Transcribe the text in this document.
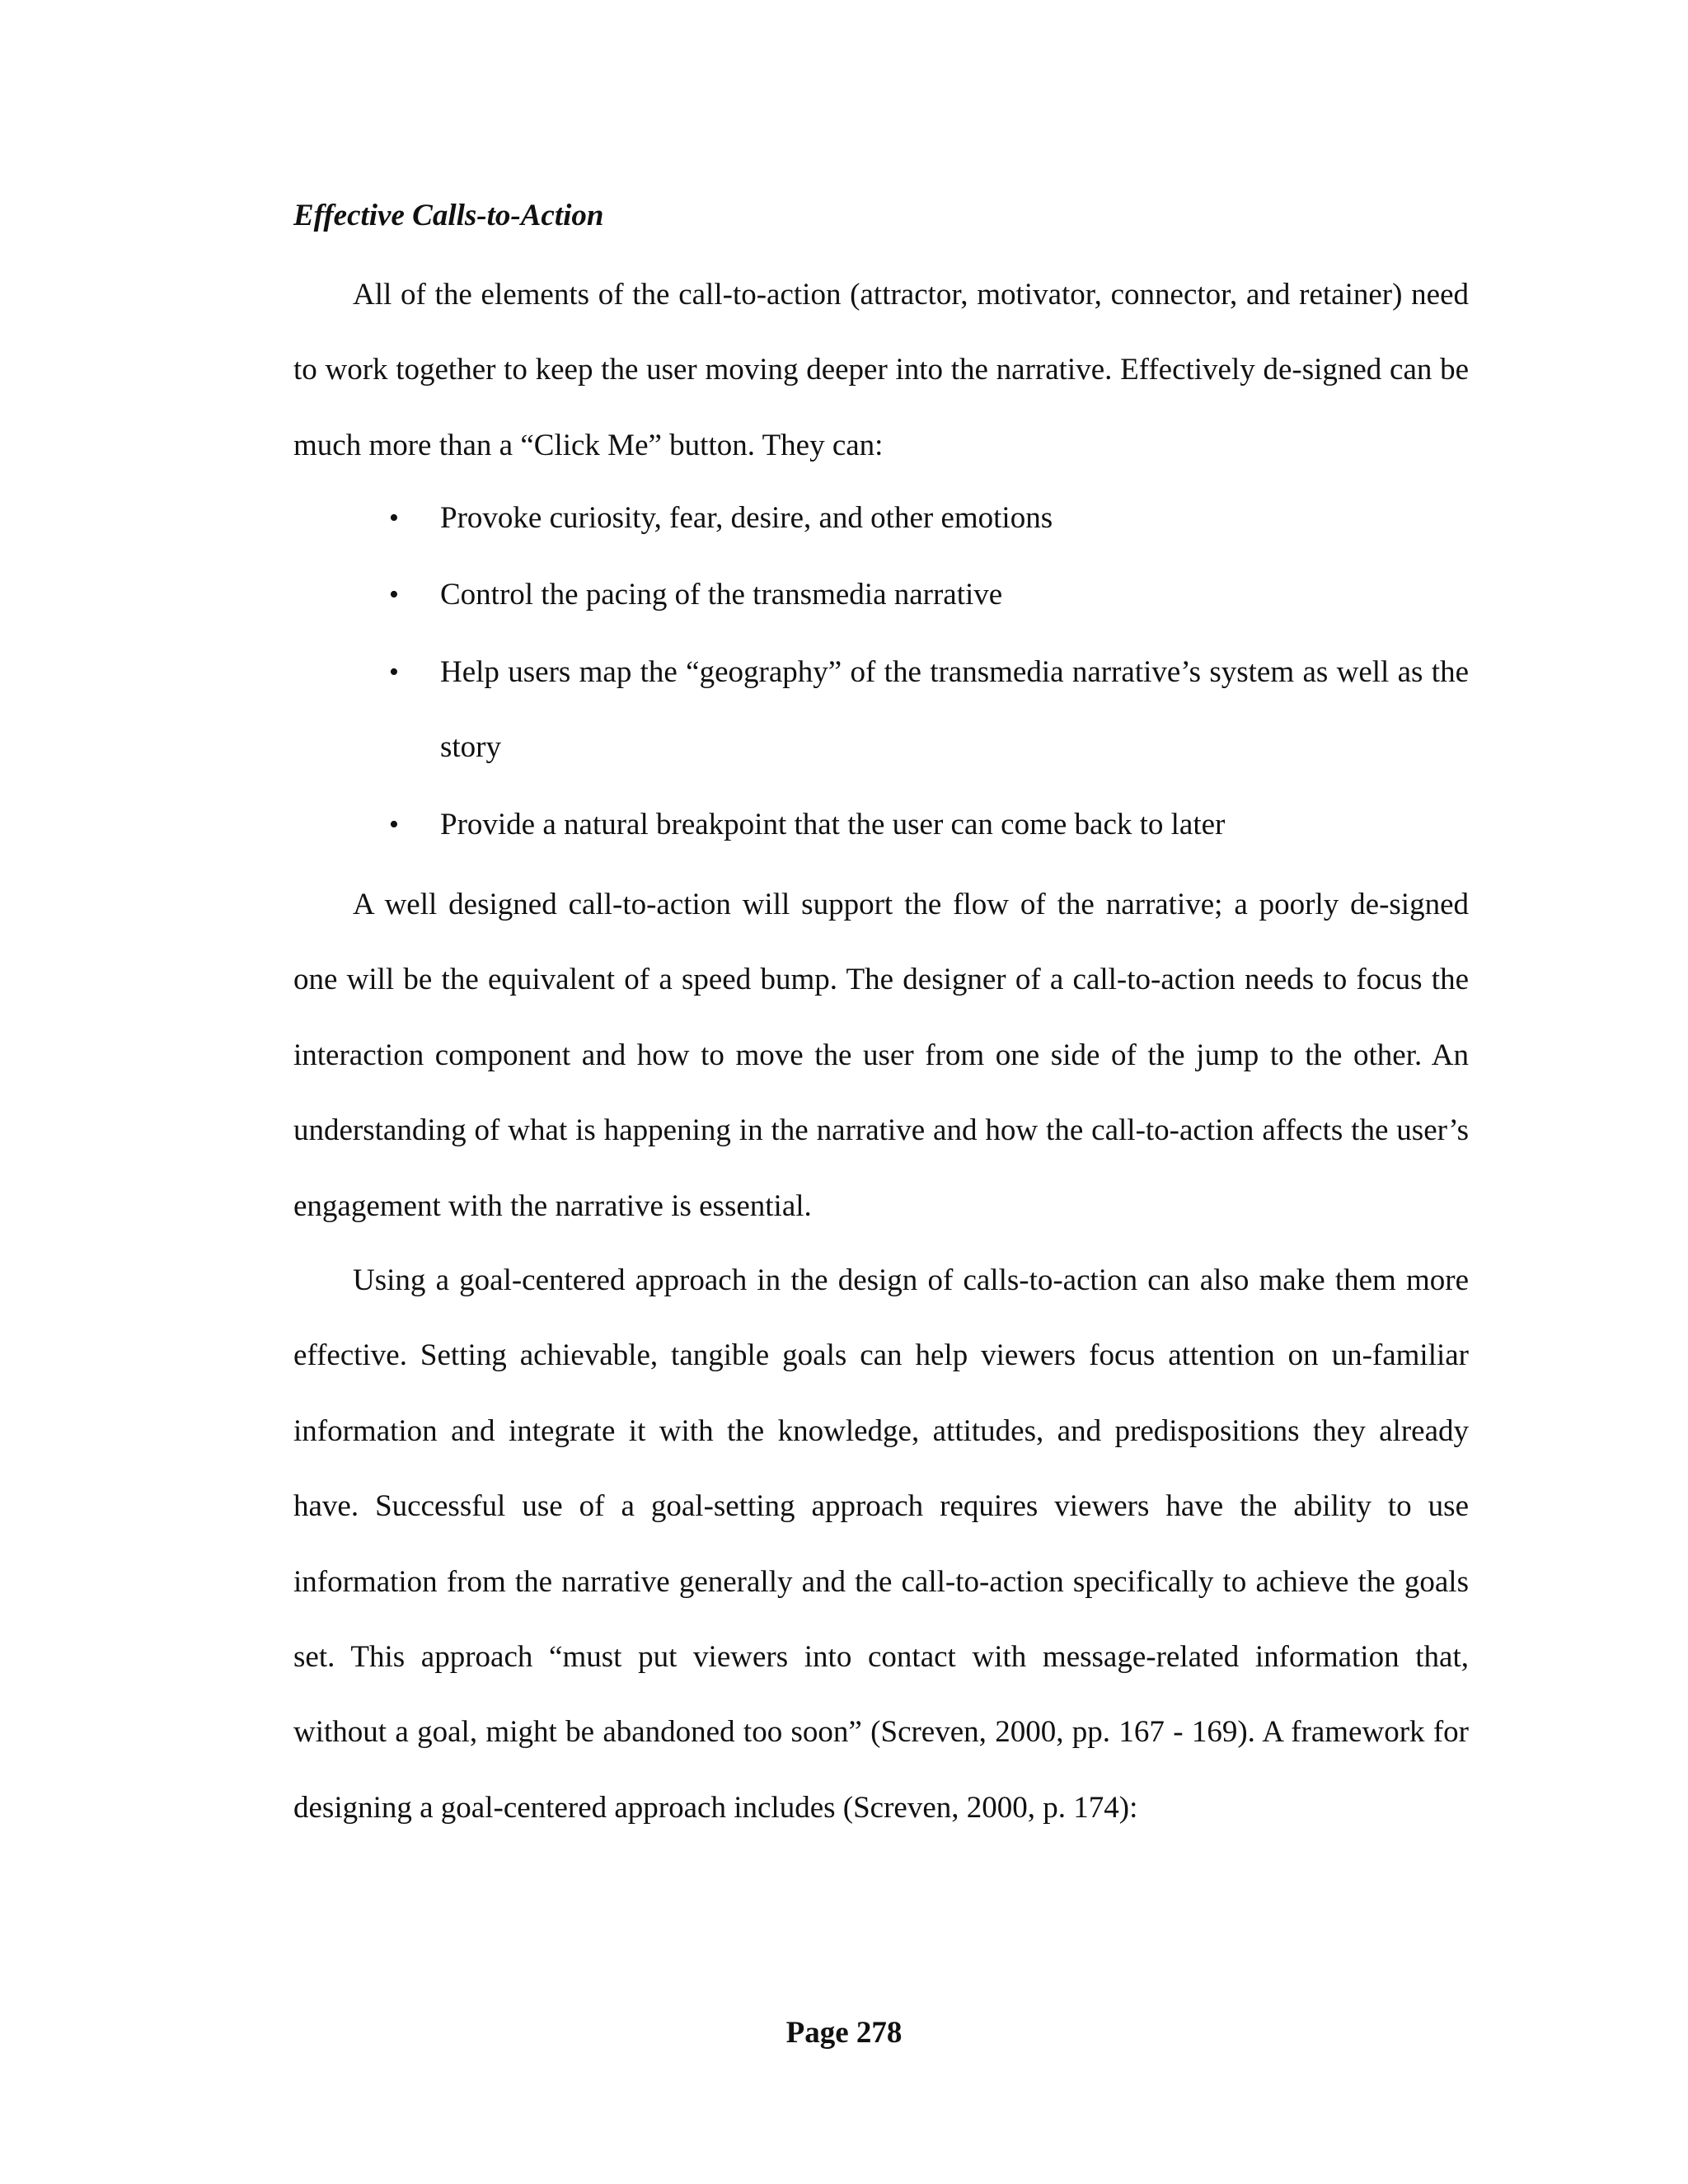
Effective Calls-to-Action

All of the elements of the call-to-action (attractor, motivator, connector, and retainer) need to work together to keep the user moving deeper into the narrative. Effectively de-signed can be much more than a “Click Me” button. They can:

• Provoke curiosity, fear, desire, and other emotions
• Control the pacing of the transmedia narrative
• Help users map the “geography” of the transmedia narrative’s system as well as the story
• Provide a natural breakpoint that the user can come back to later

A well designed call-to-action will support the flow of the narrative; a poorly de-signed one will be the equivalent of a speed bump. The designer of a call-to-action needs to focus the interaction component and how to move the user from one side of the jump to the other. An understanding of what is happening in the narrative and how the call-to-action affects the user’s engagement with the narrative is essential.

Using a goal-centered approach in the design of calls-to-action can also make them more effective. Setting achievable, tangible goals can help viewers focus attention on un-familiar information and integrate it with the knowledge, attitudes, and predispositions they already have. Successful use of a goal-setting approach requires viewers have the ability to use information from the narrative generally and the call-to-action specifically to achieve the goals set. This approach “must put viewers into contact with message-related information that, without a goal, might be abandoned too soon” (Screven, 2000, pp. 167 - 169). A framework for designing a goal-centered approach includes (Screven, 2000, p. 174):

Page 278
